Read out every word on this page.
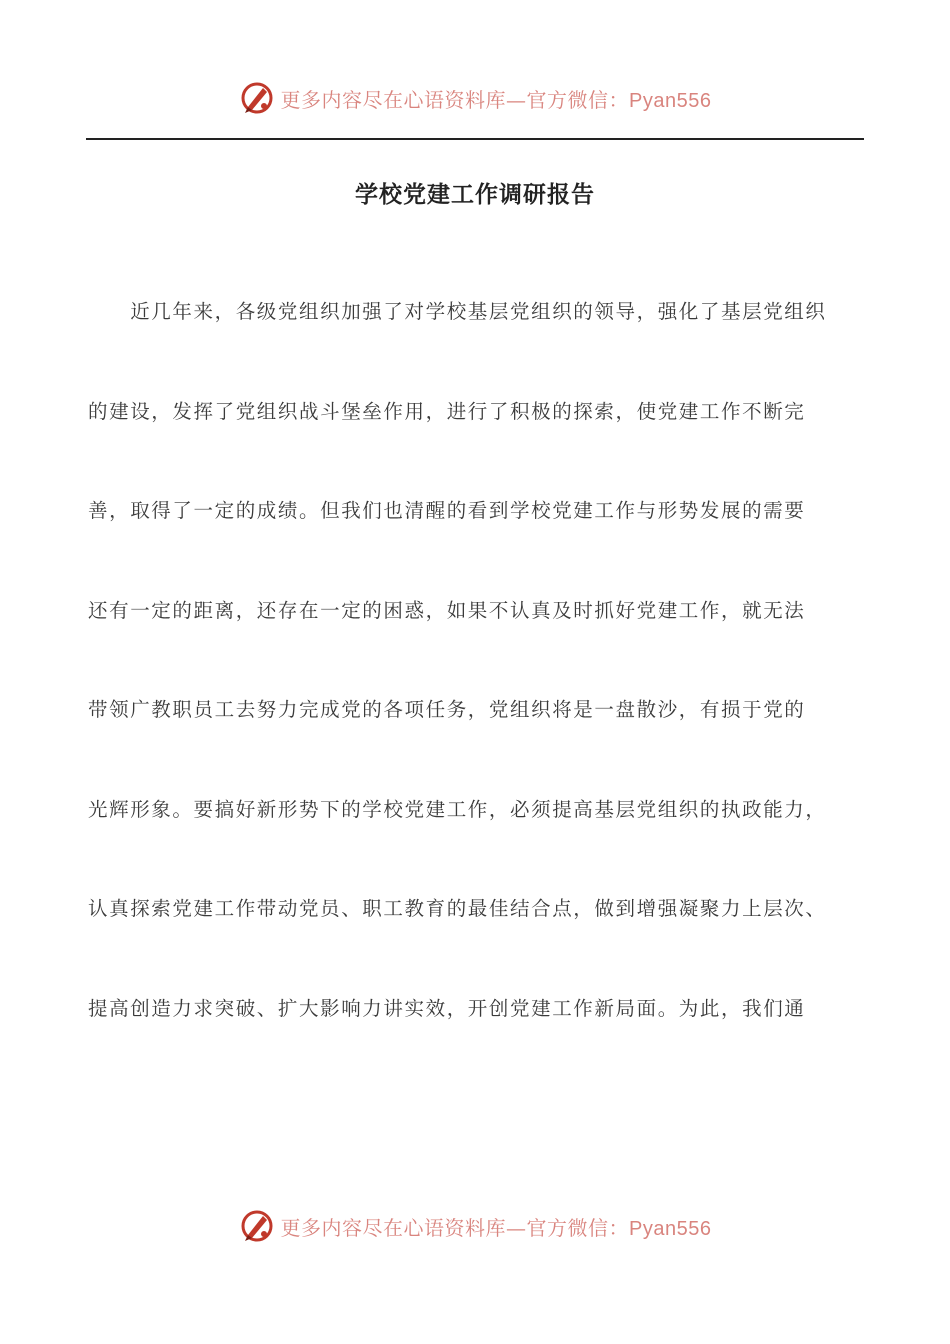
更多内容尽在心语资料库—官方微信：Pyan556
学校党建工作调研报告
　　近几年来，各级党组织加强了对学校基层党组织的领导，强化了基层党组织
的建设，发挥了党组织战斗堡垒作用，进行了积极的探索，使党建工作不断完
善，取得了一定的成绩。但我们也清醒的看到学校党建工作与形势发展的需要
还有一定的距离，还存在一定的困惑，如果不认真及时抓好党建工作，就无法
带领广教职员工去努力完成党的各项任务，党组织将是一盘散沙，有损于党的
光辉形象。要搞好新形势下的学校党建工作，必须提高基层党组织的执政能力，
认真探索党建工作带动党员、职工教育的最佳结合点，做到增强凝聚力上层次、
提高创造力求突破、扩大影响力讲实效，开创党建工作新局面。为此，我们通
更多内容尽在心语资料库—官方微信：Pyan556
